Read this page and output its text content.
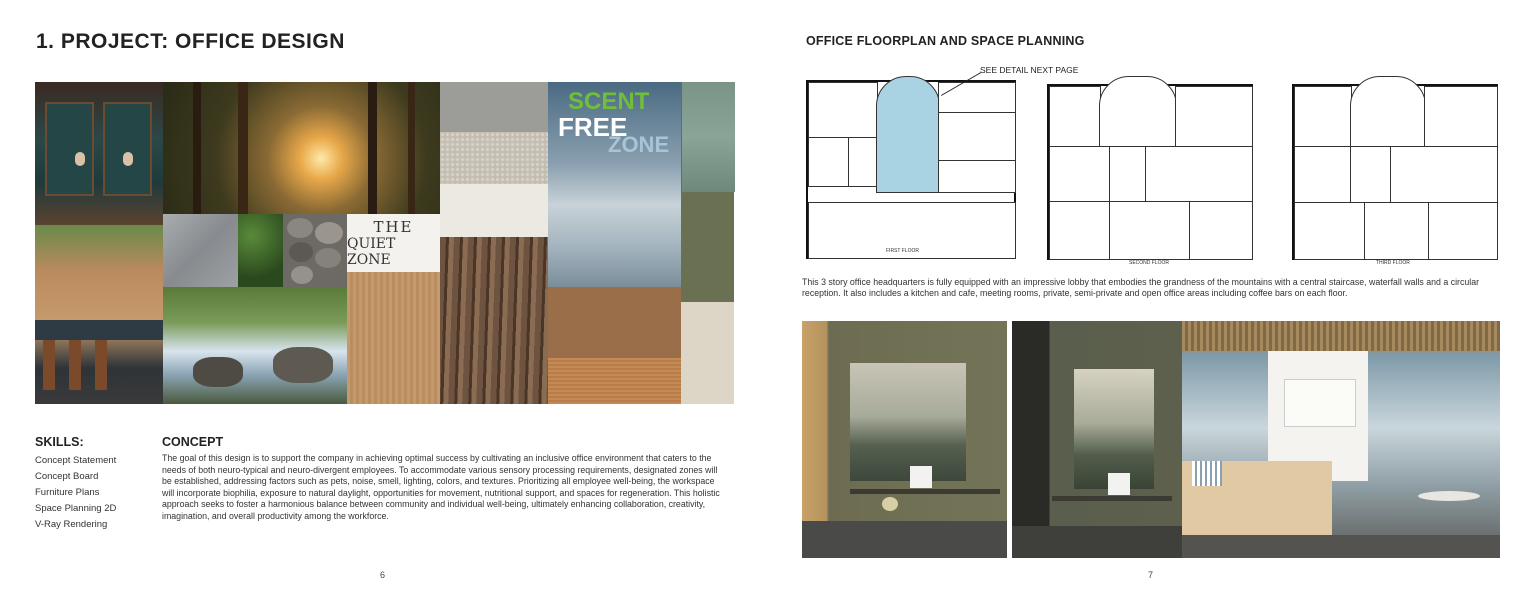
1. PROJECT: OFFICE DESIGN
THE
QUIET ZONE
SCENT
FREE
ZONE
SKILLS:
Concept Statement
Concept Board
Furniture Plans
Space Planning 2D
V-Ray Rendering
CONCEPT

The goal of this design is to support the company in achieving optimal success by cultivating an inclusive office environment that caters to the needs of both neuro-typical and neuro-divergent employees. To accommodate various sensory processing requirements, designated zones will be established, addressing factors such as pets, noise, smell, lighting, colors, and textures. Prioritizing all employee well-being, the workspace will incorporate biophilia, exposure to natural daylight, opportunities for movement, nutritional support, and spaces for regeneration. This holistic approach seeks to foster a harmonious balance between community and individual well-being, ultimately enhancing collaboration, creativity, imagination, and overall productivity among the workforce.

6
OFFICE FLOORPLAN AND SPACE PLANNING
FIRST FLOOR
SEE DETAIL NEXT PAGE
SECOND FLOOR	THIRD FLOOR

This 3 story office headquarters is fully equipped with an impressive lobby that embodies the grandness of the mountains with a central staircase, waterfall walls and a circular reception. It also includes a kitchen and cafe, meeting rooms, private, semi-private and open office areas including coffee bars on each floor.

7
